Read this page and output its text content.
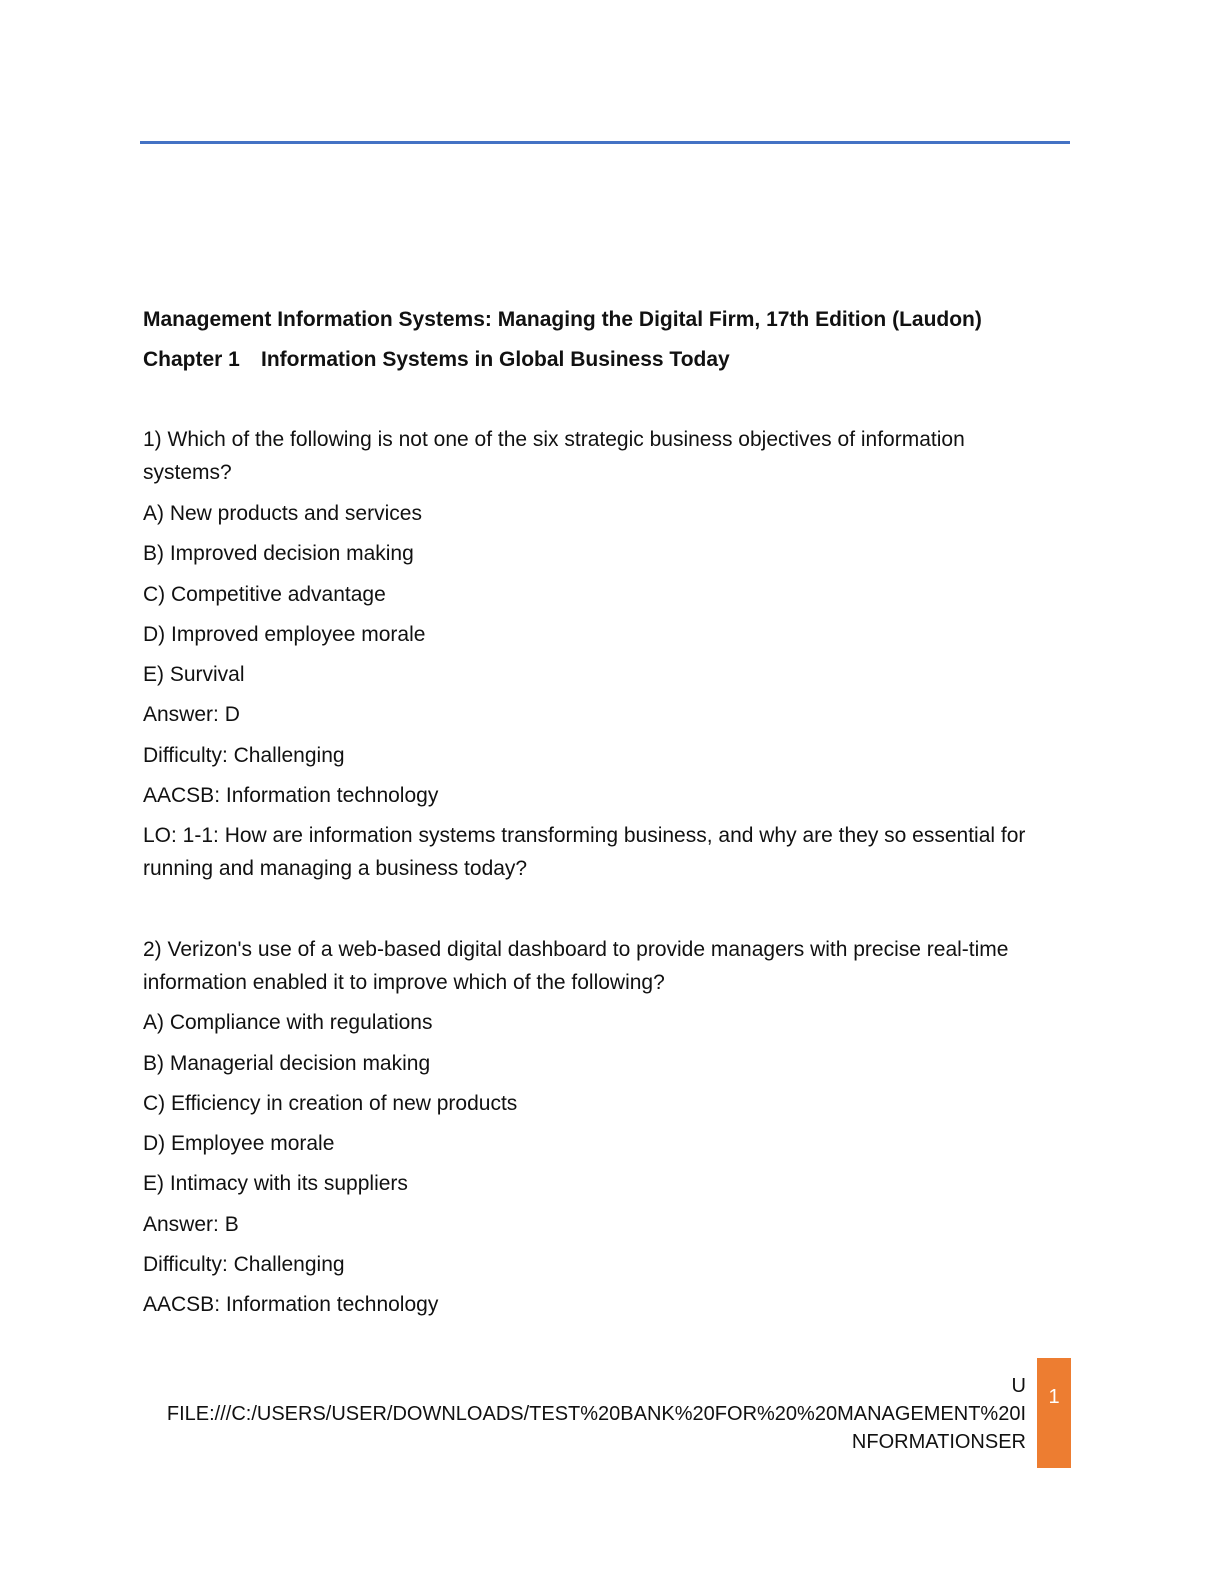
Management Information Systems: Managing the Digital Firm, 17th Edition (Laudon)
Chapter 1 Information Systems in Global Business Today
1) Which of the following is not one of the six strategic business objectives of information
systems?
A) New products and services
B) Improved decision making
C) Competitive advantage
D) Improved employee morale
E) Survival
Answer: D
Difficulty: Challenging
AACSB: Information technology
LO: 1-1: How are information systems transforming business, and why are they so essential for
running and managing a business today?
2) Verizon's use of a web-based digital dashboard to provide managers with precise real-time
information enabled it to improve which of the following?
A) Compliance with regulations
B) Managerial decision making
C) Efficiency in creation of new products
D) Employee morale
E) Intimacy with its suppliers
Answer: B
Difficulty: Challenging
AACSB: Information technology
U
FILE:///C:/USERS/USER/DOWNLOADS/TEST%20BANK%20FOR%20%20MANAGEMENT%20I
NFORMATIONSER
1
